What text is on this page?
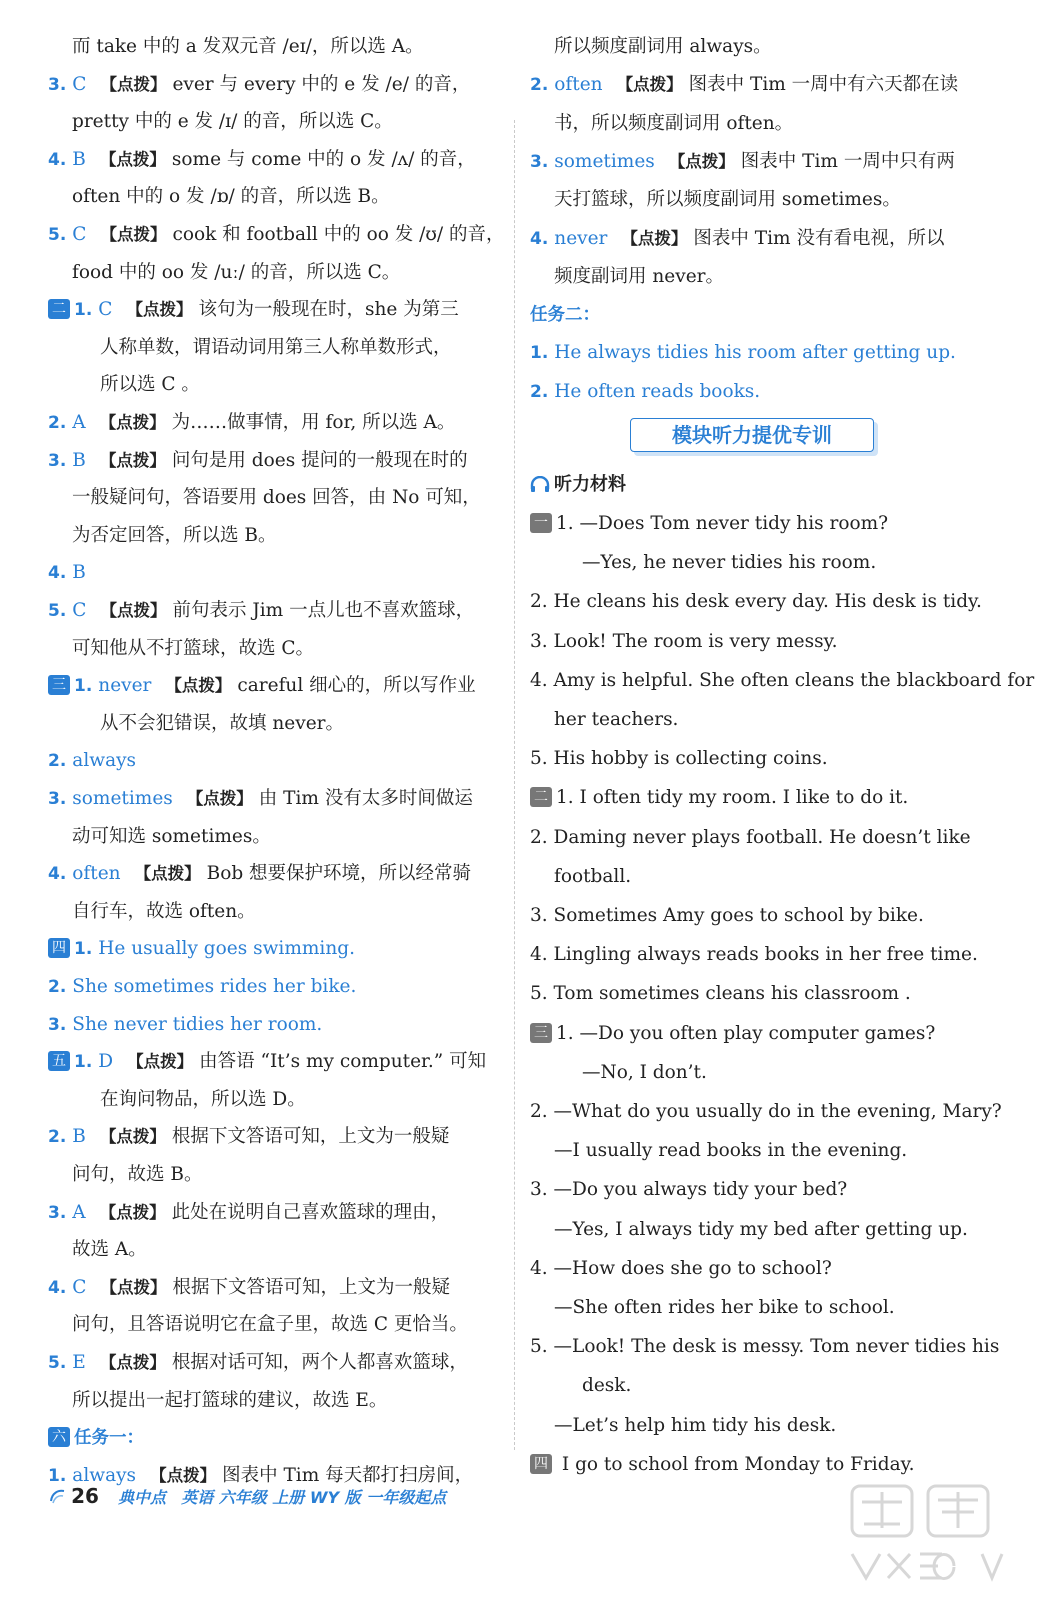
而 take 中的 a 发双元音 /eɪ/，所以选 A。
3. C 【点拨】 ever 与 every 中的 e 发 /e/ 的音，
pretty 中的 e 发 /ɪ/ 的音，所以选 C。
4. B 【点拨】 some 与 come 中的 o 发 /ʌ/ 的音，
often 中的 o 发 /ɒ/ 的音，所以选 B。
5. C 【点拨】 cook 和 football 中的 oo 发 /ʊ/ 的音，
food 中的 oo 发 /uː/ 的音，所以选 C。
二 1. C 【点拨】 该句为一般现在时，she 为第三
人称单数，谓语动词用第三人称单数形式，
所以选 C 。
2. A 【点拨】 为……做事情，用 for, 所以选 A。
3. B 【点拨】 问句是用 does 提问的一般现在时的
一般疑问句，答语要用 does 回答，由 No 可知，
为否定回答，所以选 B。
4. B
5. C 【点拨】 前句表示 Jim 一点儿也不喜欢篮球，
可知他从不打篮球，故选 C。
三 1. never 【点拨】 careful 细心的，所以写作业
从不会犯错误，故填 never。
2. always
3. sometimes 【点拨】 由 Tim 没有太多时间做运
动可知选 sometimes。
4. often 【点拨】 Bob 想要保护环境，所以经常骑
自行车，故选 often。
四 1. He usually goes swimming.
2. She sometimes rides her bike.
3. She never tidies her room.
五 1. D 【点拨】 由答语 “It’s my computer.” 可知
在询问物品，所以选 D。
2. B 【点拨】 根据下文答语可知，上文为一般疑
问句，故选 B。
3. A 【点拨】 此处在说明自己喜欢篮球的理由，
故选 A。
4. C 【点拨】 根据下文答语可知，上文为一般疑
问句，且答语说明它在盒子里，故选 C 更恰当。
5. E 【点拨】 根据对话可知，两个人都喜欢篮球，
所以提出一起打篮球的建议，故选 E。
六 任务一：
1. always 【点拨】 图表中 Tim 每天都打扫房间，
所以频度副词用 always。
2. often 【点拨】 图表中 Tim 一周中有六天都在读
书，所以频度副词用 often。
3. sometimes 【点拨】 图表中 Tim 一周中只有两
天打篮球，所以频度副词用 sometimes。
4. never 【点拨】 图表中 Tim 没有看电视，所以
频度副词用 never。
任务二：
1. He always tidies his room after getting up.
2. He often reads books.
模块听力提优专训
听力材料
一 1. —Does Tom never tidy his room?
—Yes, he never tidies his room.
2. He cleans his desk every day. His desk is tidy.
3. Look! The room is very messy.
4. Amy is helpful. She often cleans the blackboard for
her teachers.
5. His hobby is collecting coins.
二 1. I often tidy my room. I like to do it.
2. Daming never plays football. He doesn’t like
football.
3. Sometimes Amy goes to school by bike.
4. Lingling always reads books in her free time.
5. Tom sometimes cleans his classroom .
三 1. —Do you often play computer games?
—No, I don’t.
2. —What do you usually do in the evening, Mary?
—I usually read books in the evening.
3. —Do you always tidy your bed?
—Yes, I always tidy my bed after getting up.
4. —How does she go to school?
—She often rides her bike to school.
5. —Look! The desk is messy. Tom never tidies his
desk.
—Let’s help him tidy his desk.
四 I go to school from Monday to Friday.
26 典中点 英语 六年级 上册 WY 版 一年级起点
